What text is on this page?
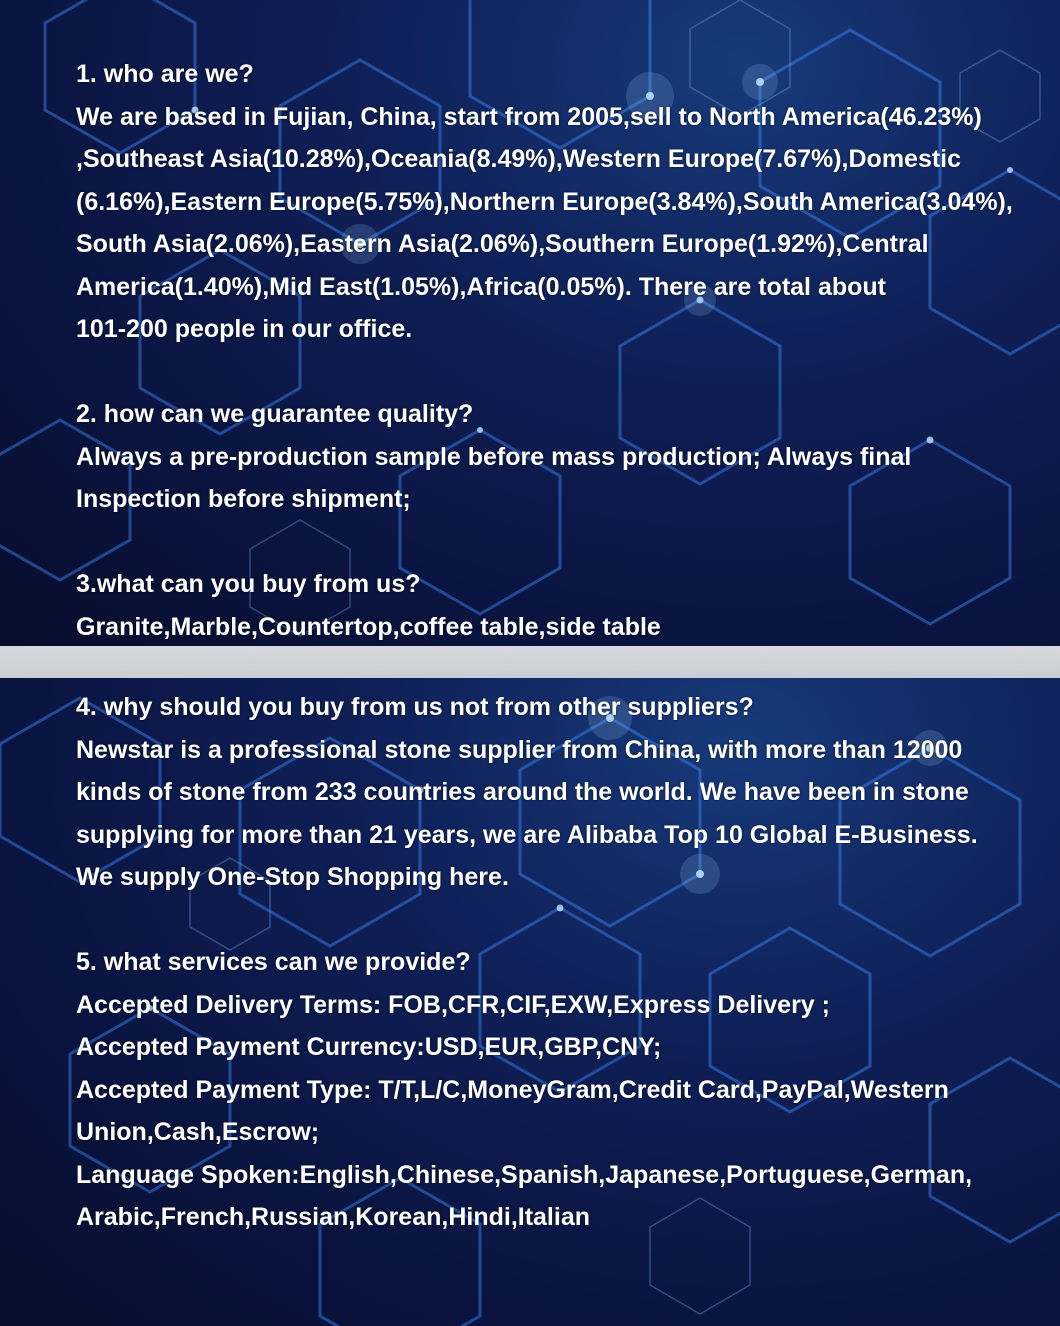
1. who are we?

We are based in Fujian, China, start from 2005,sell to North America(46.23%)

,Southeast Asia(10.28%),Oceania(8.49%),Western Europe(7.67%),Domestic

(6.16%),Eastern Europe(5.75%),Northern Europe(3.84%),South America(3.04%),

South Asia(2.06%),Eastern Asia(2.06%),Southern Europe(1.92%),Central

America(1.40%),Mid East(1.05%),Africa(0.05%). There are total about

101-200 people in our office.

2. how can we guarantee quality?

Always a pre-production sample before mass production; Always final

Inspection before shipment;

3.what can you buy from us?

Granite,Marble,Countertop,coffee table,side table

4. why should you buy from us not from other suppliers?

Newstar is a professional stone supplier from China, with more than 12000

kinds of stone from 233 countries around the world. We have been in stone

supplying for more than 21 years, we are Alibaba Top 10 Global E-Business.

We supply One-Stop Shopping here.

5. what services can we provide?

Accepted Delivery Terms: FOB,CFR,CIF,EXW,Express Delivery ;

Accepted Payment Currency:USD,EUR,GBP,CNY;

Accepted Payment Type: T/T,L/C,MoneyGram,Credit Card,PayPal,Western

Union,Cash,Escrow;

Language Spoken:English,Chinese,Spanish,Japanese,Portuguese,German,

Arabic,French,Russian,Korean,Hindi,Italian
